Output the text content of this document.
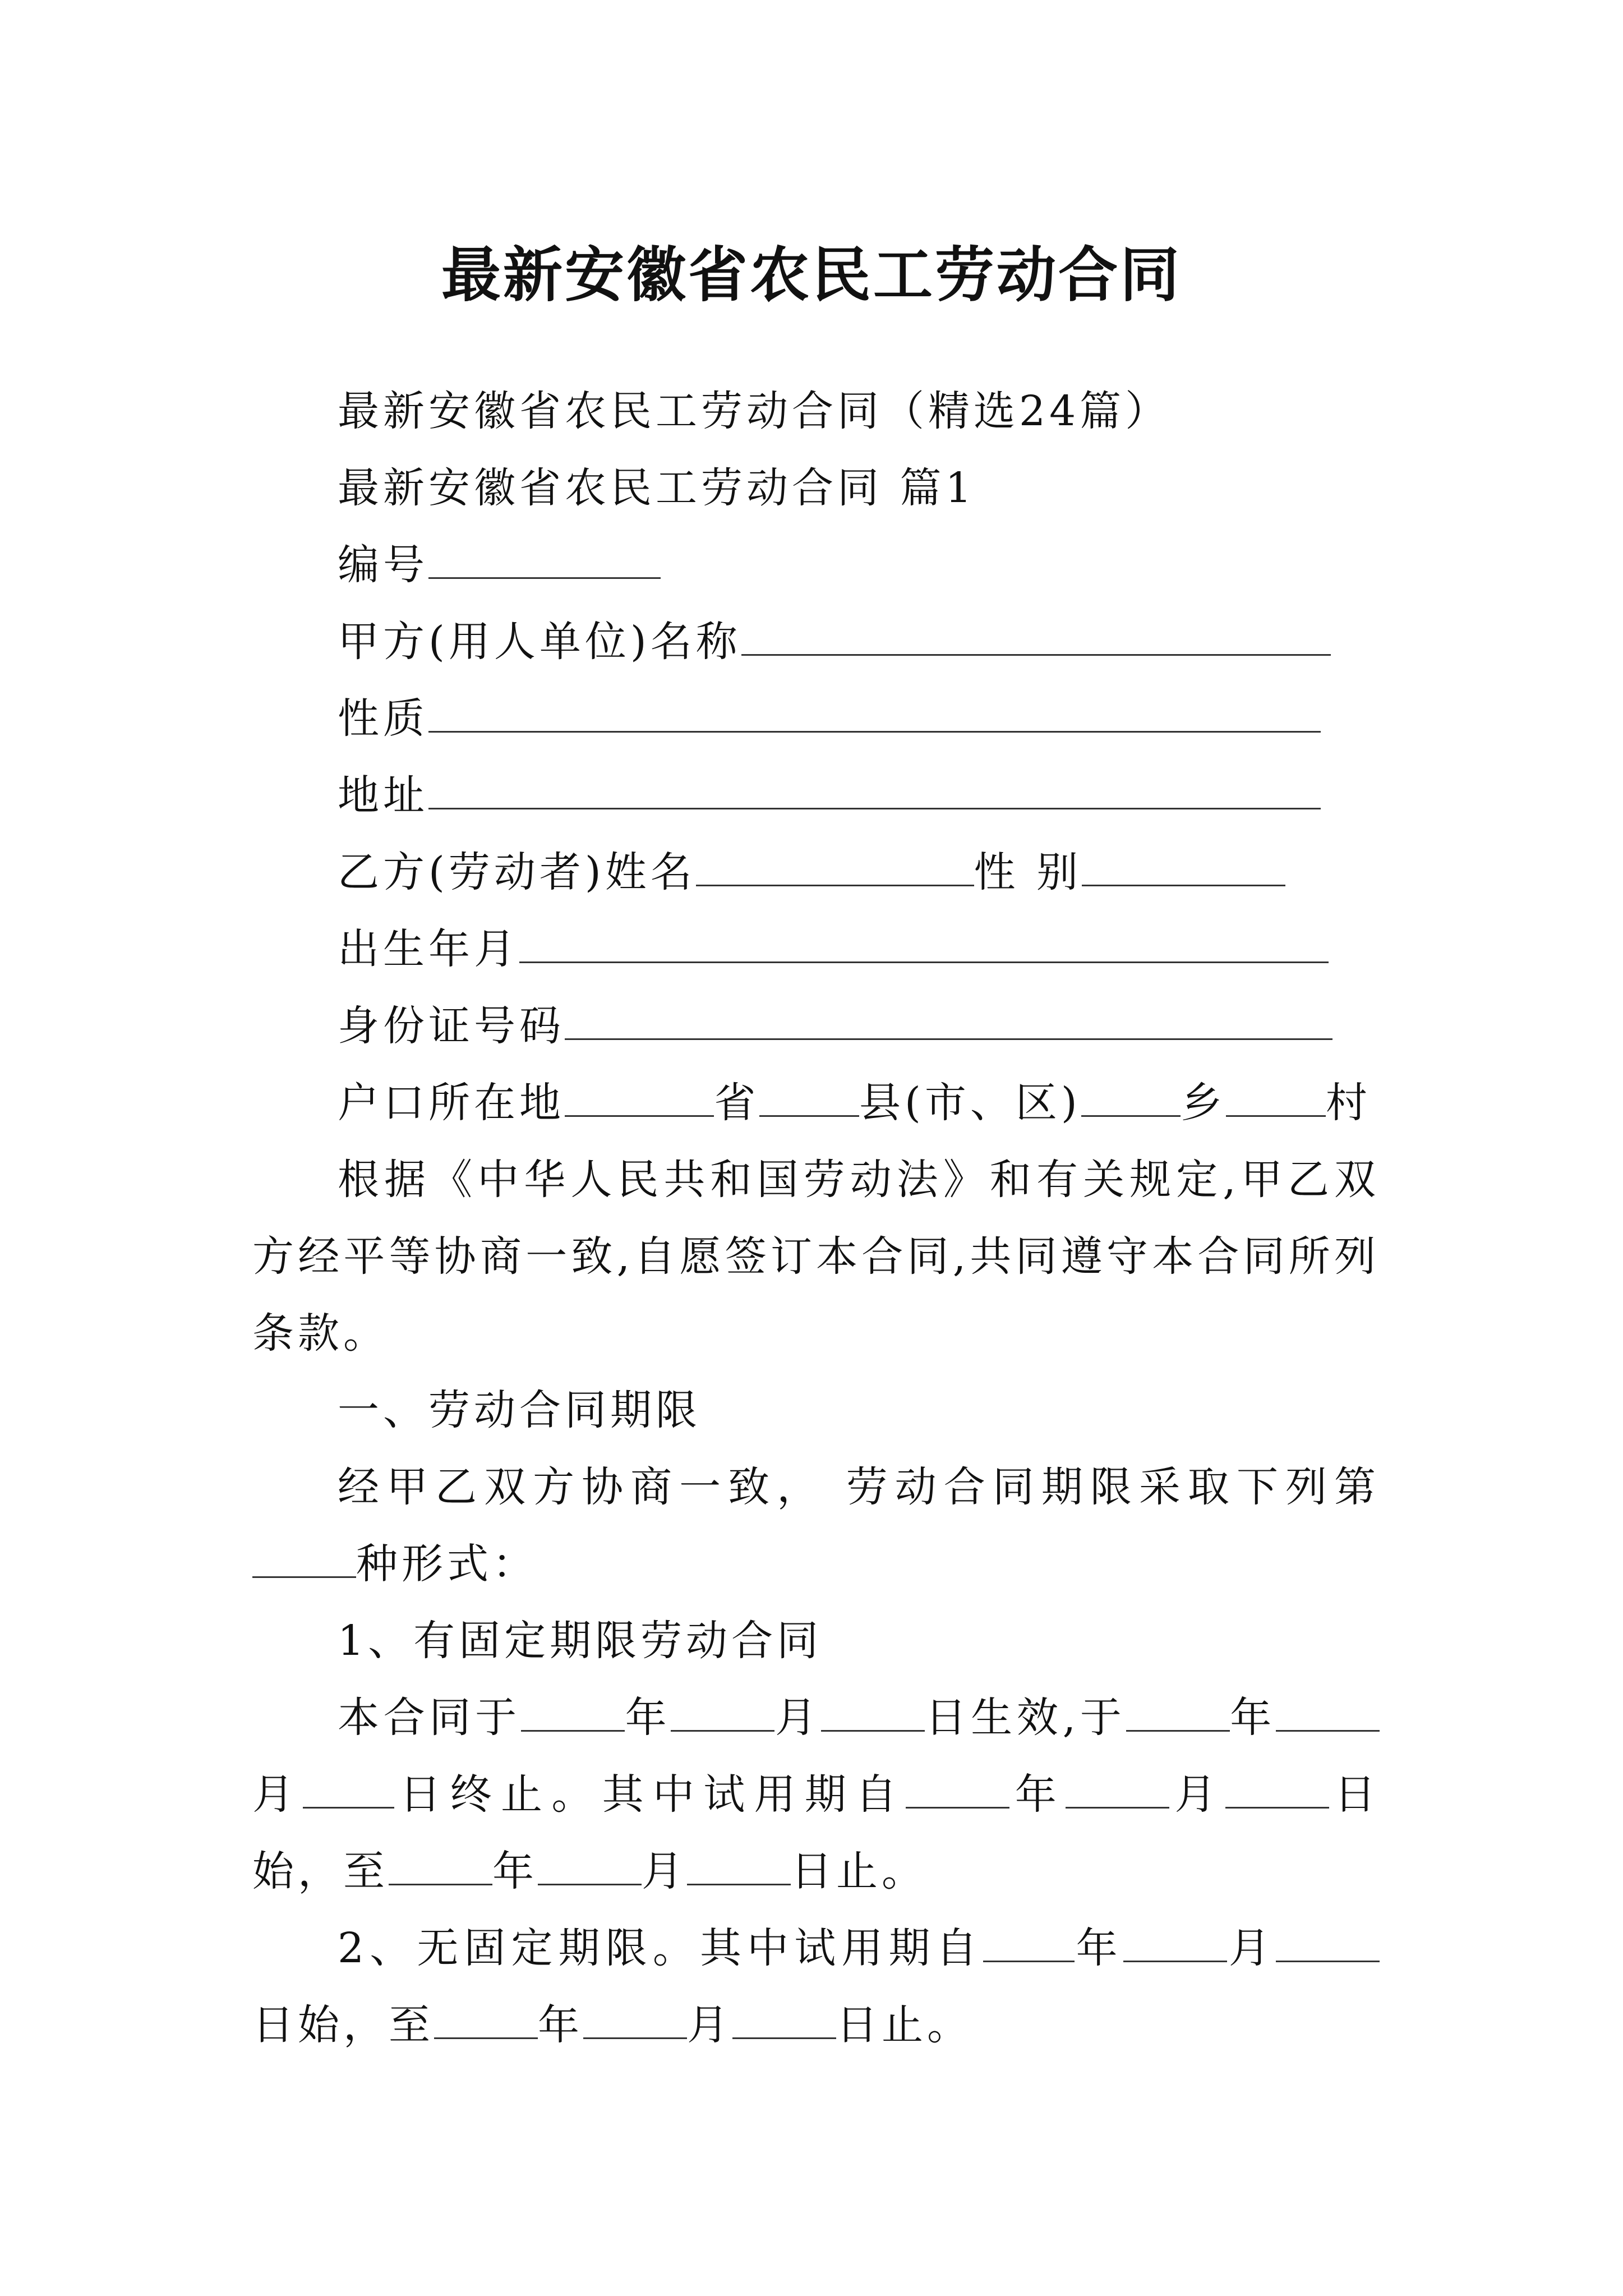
最新安徽省农民工劳动合同

最新安徽省农民工劳动合同（精选24篇）

最新安徽省农民工劳动合同 篇1

编号

甲方(用人单位)名称

性质

地址

乙方(劳动者)姓名	性 别

出生年月

身份证号码

户口所在地	省 县(市、区) 乡 村

根据《中华人民共和国劳动法》和有关规定,甲乙双方经平等协商一致,自愿签订本合同,共同遵守本合同所列条款。

一、劳动合同期限

经甲乙双方协商一致， 劳动合同期限采取下列第种形式：

1、有固定期限劳动合同

本合同于	年	月	日生效,于	年月 日终止。其中试用期自	年	月	日始，至	年	月	日止。

2、无固定期限。其中试用期自 年	月日始，至	年	月	日止。
